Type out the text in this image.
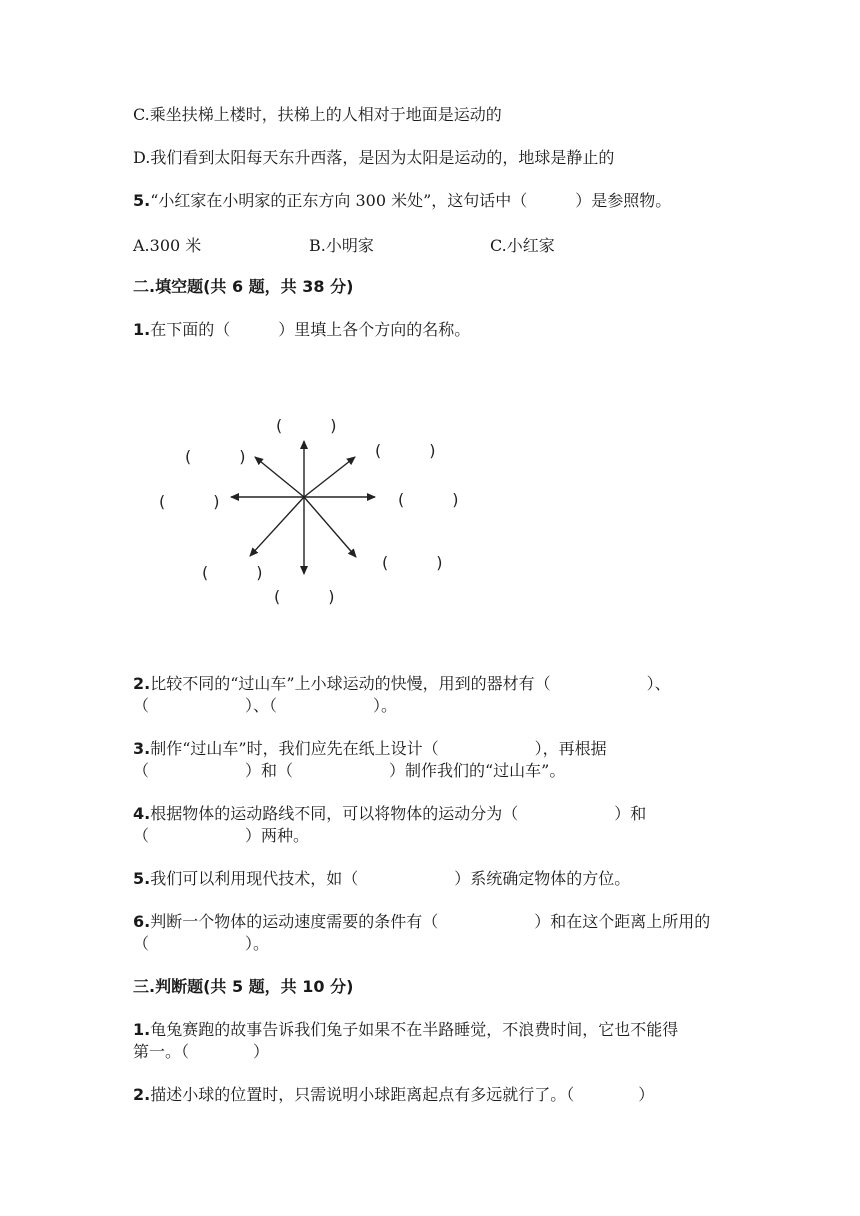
C.乘坐扶梯上楼时，扶梯上的人相对于地面是运动的
D.我们看到太阳每天东升西落，是因为太阳是运动的，地球是静止的
5.“小红家在小明家的正东方向 300 米处”，这句话中（　　　）是参照物。
A.300 米	B.小明家	C.小红家
二.填空题(共 6 题，共 38 分)
1.在下面的（　　　）里填上各个方向的名称。
(　　　)
(　　　)	(　　　)
(　　　)	(　　　)
(　　　)
(　　　)
(　　　)
2.比较不同的“过山车”上小球运动的快慢，用到的器材有（　　　　　　）、
（　　　　　　）、（　　　　　　）。
3.制作“过山车”时，我们应先在纸上设计（　　　　　　），再根据
（　　　　　　）和（　　　　　　）制作我们的“过山车”。
4.根据物体的运动路线不同，可以将物体的运动分为（　　　　　　）和
（　　　　　　）两种。
5.我们可以利用现代技术，如（　　　　　　）系统确定物体的方位。
6.判断一个物体的运动速度需要的条件有（　　　　　　）和在这个距离上所用的
（　　　　　　）。
三.判断题(共 5 题，共 10 分)
1.龟兔赛跑的故事告诉我们兔子如果不在半路睡觉，不浪费时间，它也不能得
第一。（　　　　）
2.描述小球的位置时，只需说明小球距离起点有多远就行了。（　　　　）
